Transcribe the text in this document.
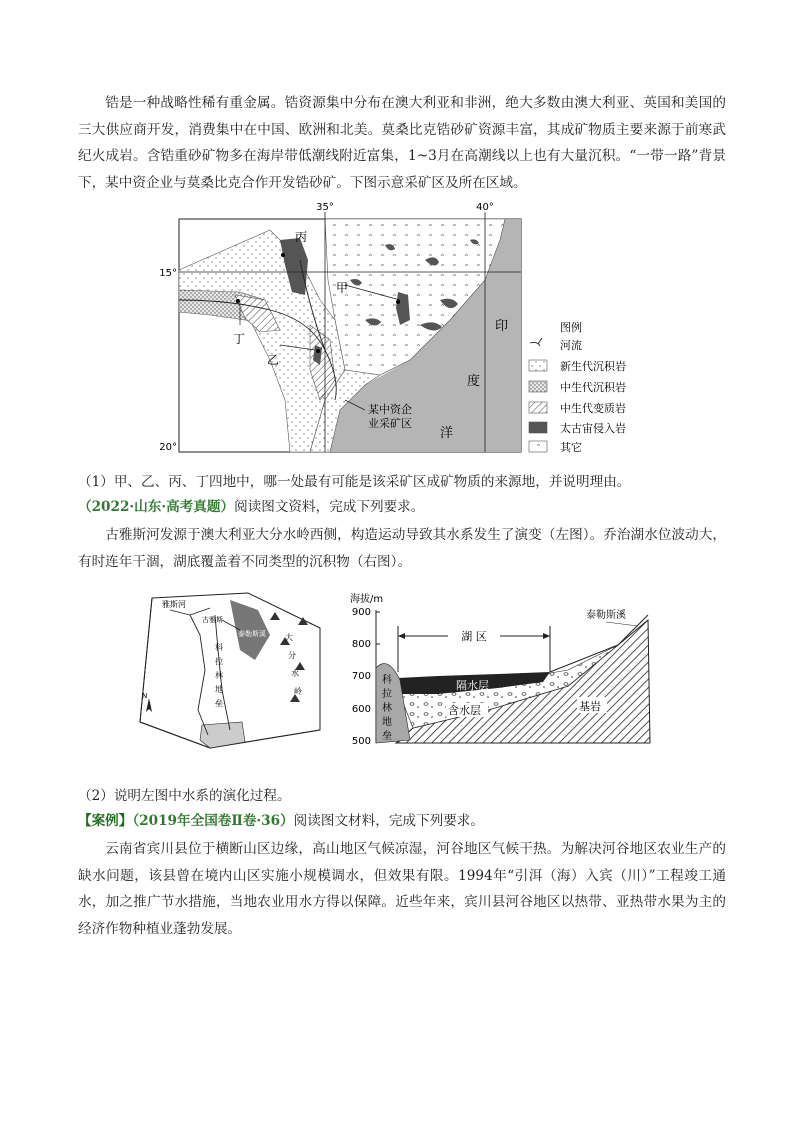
锆是一种战略性稀有重金属。锆资源集中分布在澳大利亚和非洲，绝大多数由澳大利亚、英国和美国的三大供应商开发，消费集中在中国、欧洲和北美。莫桑比克锆砂矿资源丰富，其成矿物质主要来源于前寒武纪火成岩。含锆重砂矿物多在海岸带低潮线附近富集，1~3月在高潮线以上也有大量沉积。“一带一路”背景下，某中资企业与莫桑比克合作开发锆砂矿。下图示意采矿区及所在区域。

35°	40°
15°
20°
丙
甲
丁
乙
印
度
洋
某中资企
业采矿区
图例
河流
新生代沉积岩
中生代沉积岩
中生代变质岩
太古宙侵入岩
其它

（1）甲、乙、丙、丁四地中，哪一处最有可能是该采矿区成矿物质的来源地，并说明理由。

（2022·山东·高考真题）阅读图文资料，完成下列要求。

古雅斯河发源于澳大利亚大分水岭西侧，构造运动导致其水系发生了演变（左图）。乔治湖水位波动大，有时连年干涸，湖底覆盖着不同类型的沉积物（右图）。

雅斯河
古雅斯
泰勒斯溪
科
拉
林
地
垒
大
分
水
岭
N
海拔/m
900
800
700
600
500
湖 区
泰勒斯溪
隔水层
含水层	基岩
科
拉
林
地
垒

（2）说明左图中水系的演化过程。

【案例】（2019年全国卷Ⅱ卷·36）阅读图文材料，完成下列要求。

云南省宾川县位于横断山区边缘，高山地区气候凉湿，河谷地区气候干热。为解决河谷地区农业生产的缺水问题，该县曾在境内山区实施小规模调水，但效果有限。1994年“引洱（海）入宾（川）”工程竣工通水，加之推广节水措施，当地农业用水方得以保障。近些年来，宾川县河谷地区以热带、亚热带水果为主的经济作物种植业蓬勃发展。
